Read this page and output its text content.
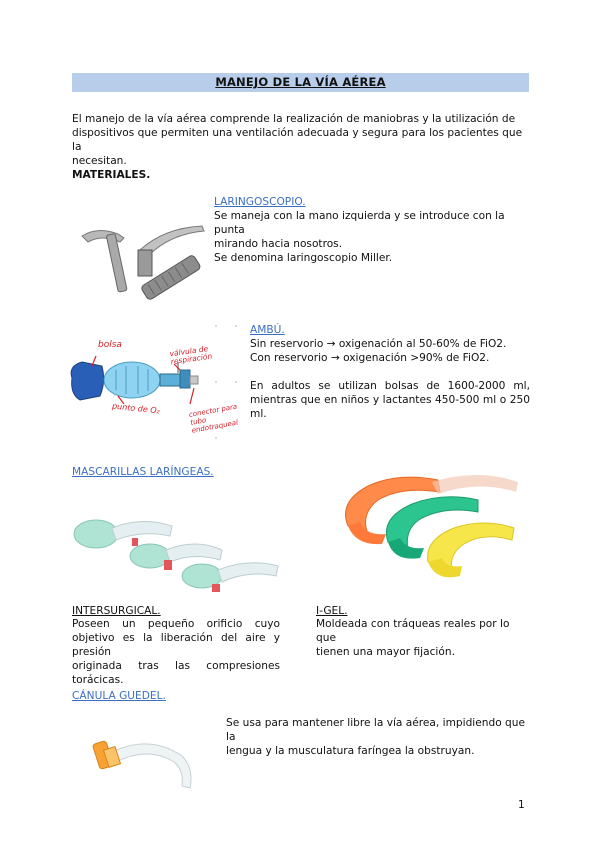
MANEJO DE LA VÍA AÉREA
El manejo de la vía aérea comprende la realización de maniobras y la utilización de
dispositivos que permiten una ventilación adecuada y segura para los pacientes que la
necesitan.
MATERIALES.
LARINGOSCOPIO.
Se maneja con la mano izquierda y se introduce con la punta
mirando hacia nosotros.
Se denomina laringoscopio Miller.
bolsa	válvula de respiración
punto de O₂	conector para tubo endotraqueal
AMBÚ.
Sin reservorio → oxigenación al 50-60% de FiO2.
Con reservorio → oxigenación >90% de FiO2.
En adultos se utilizan bolsas de 1600-2000 ml,
mientras que en niños y lactantes 450-500 ml o 250
ml.
MASCARILLAS LARÍNGEAS.
INTERSURGICAL.
Poseen un pequeño orificio cuyo
objetivo es la liberación del aire y presión
originada tras las compresiones
torácicas.
I-GEL.
Moldeada con tráqueas reales por lo que
tienen una mayor fijación.
CÁNULA GUEDEL.
Se usa para mantener libre la vía aérea, impidiendo que la
lengua y la musculatura faríngea la obstruyan.
1
